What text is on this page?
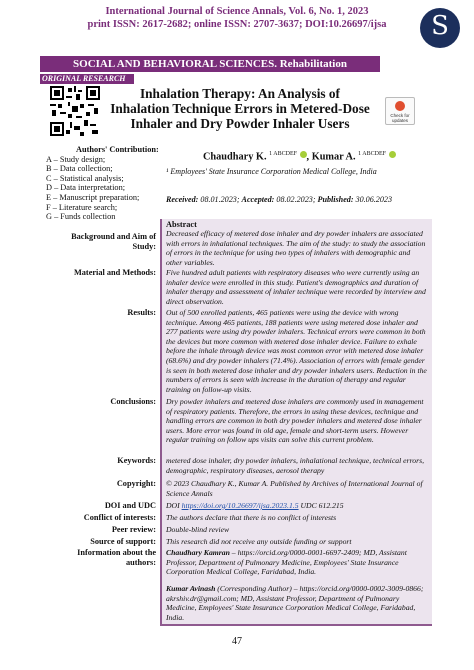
International Journal of Science Annals, Vol. 6, No. 1, 2023
print ISSN: 2617-2682; online ISSN: 2707-3637; DOI:10.26697/ijsa	S
SOCIAL AND BEHAVIORAL SCIENCES. Rehabilitation
ORIGINAL RESEARCH
Inhalation Therapy: An Analysis of Inhalation Technique Errors in Metered-Dose Inhaler and Dry Powder Inhaler Users
Check for updates
Authors' Contribution:
A – Study design;
B – Data collection;
C – Statistical analysis;
D – Data interpretation;
E – Manuscript preparation;
F – Literature search;
G – Funds collection
Chaudhary K. $^{1 ABCDEF}$ , Kumar A. $^{1 ABCDEF}$
¹ Employees' State Insurance Corporation Medical College, India
Received: 08.01.2023; Accepted: 08.02.2023; Published: 30.06.2023
Abstract
Background and Aim of Study:
Decreased efficacy of metered dose inhaler and dry powder inhalers are associated with errors in inhalational techniques. The aim of the study: to study the association of errors in the technique for using two types of inhalers with demographic and other variables.
Material and Methods: Five hundred adult patients with respiratory diseases who were currently using an inhaler device were enrolled in this study. Patient's demographics and duration of inhaler therapy and assessment of inhaler technique were recorded by interview and direct observation.
Results: Out of 500 enrolled patients, 465 patients were using the device with wrong technique. Among 465 patients, 188 patients were using metered dose inhaler and 277 patients were using dry powder inhalers. Technical errors were common in both the devices but more common with metered dose inhaler device. Failure to exhale before the inhale through device was most common error with metered dose inhaler (68.6%) and dry powder inhalers (71.4%). Association of errors with female gender is seen in both metered dose inhaler and dry powder inhalers users. Reduction in the numbers of errors is seen with increase in the duration of therapy and regular training on follow-up visits.
Conclusions: Dry powder inhalers and metered dose inhalers are commonly used in management of respiratory patients. Therefore, the errors in using these devices, technique and handling errors are common in both dry powder inhalers and metered dose inhaler users. More error was found in old age, female and short-term users. However regular training on follow ups visits can solve this current problem.
Keywords: metered dose inhaler, dry powder inhalers, inhalational technique, technical errors, demographic, respiratory diseases, aerosol therapy
Copyright: © 2023 Chaudhary K., Kumar A. Published by Archives of International Journal of Science Annals
DOI and UDC DOI https://doi.org/10.26697/ijsa.2023.1.5 UDC 612.215
Conflict of interests: The authors declare that there is no conflict of interests
Peer review: Double-blind review
Source of support: This research did not receive any outside funding or support
Information about the authors:
Chaudhary Kamran – https://orcid.org/0000-0001-6697-2409; MD, Assistant Professor, Department of Pulmonary Medicine, Employees' State Insurance Corporation Medical College, Faridabad, India.
Kumar Avinash (Corresponding Author) – https://orcid.org/0000-0002-3009-0866; akrshiv.dr@gmail.com; MD, Assistant Professor, Department of Pulmonary Medicine, Employees' State Insurance Corporation Medical College, Faridabad, India.
47
